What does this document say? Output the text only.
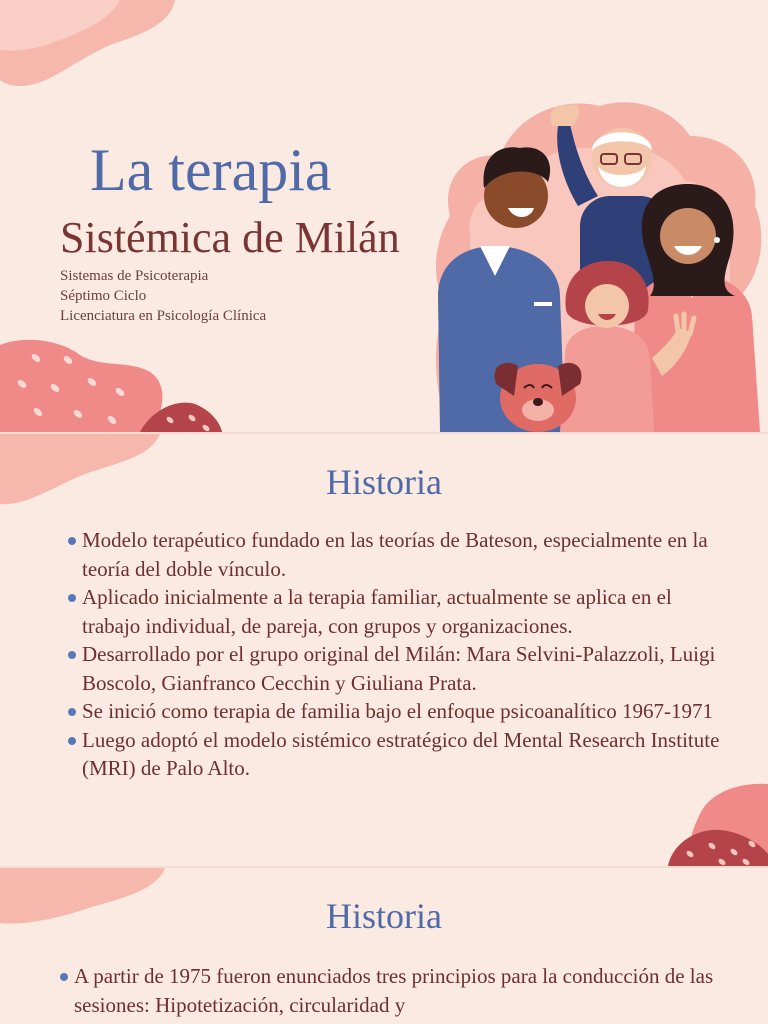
La terapia
Sistémica de Milán
Sistemas de Psicoterapia
Séptimo Ciclo
Licenciatura en Psicología Clínica
Historia
Modelo terapéutico fundado en las teorías de Bateson, especialmente en la teoría del doble vínculo.
Aplicado inicialmente a la terapia familiar, actualmente se aplica en el trabajo individual, de pareja, con grupos y organizaciones.
Desarrollado por el grupo original del Milán: Mara Selvini-Palazzoli, Luigi Boscolo, Gianfranco Cecchin y Giuliana Prata.
Se inició como terapia de familia bajo el enfoque psicoanalítico 1967-1971
Luego adoptó el modelo sistémico estratégico del Mental Research Institute (MRI) de Palo Alto.
Historia
A partir de 1975 fueron enunciados tres principios para la conducción de las sesiones: Hipotetización, circularidad y
